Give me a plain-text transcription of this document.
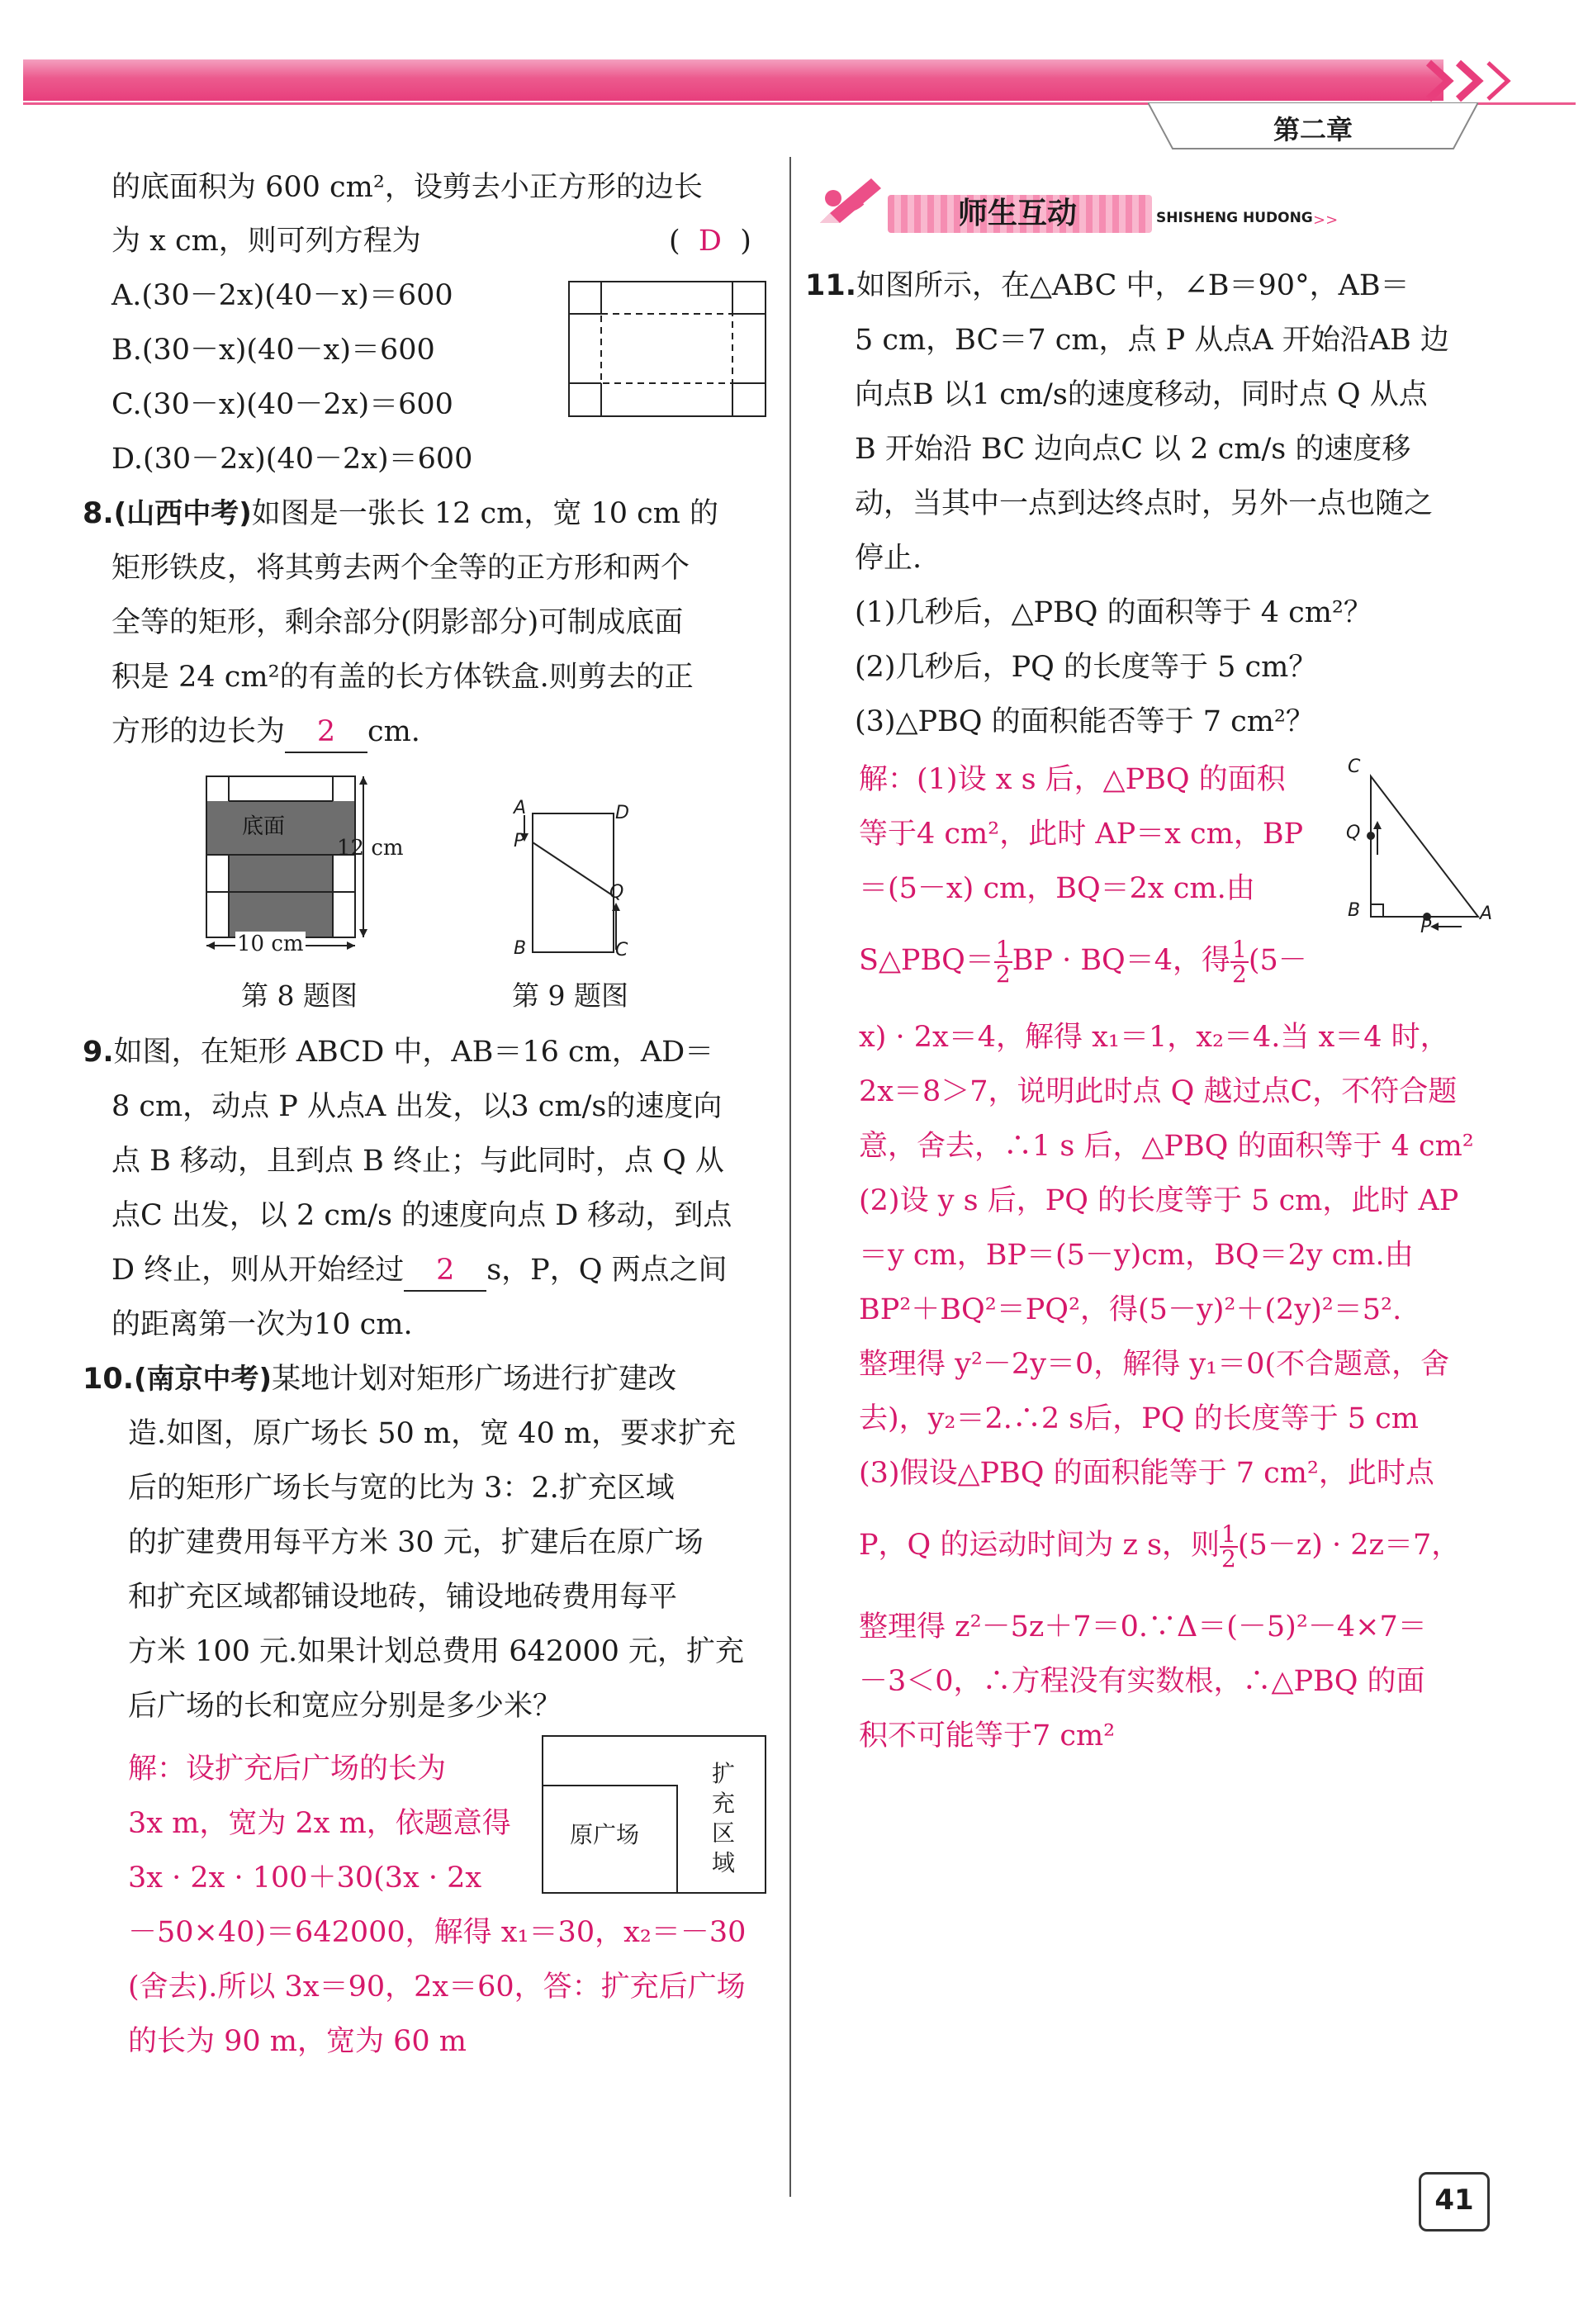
第二章
的底面积为 600 cm²，设剪去小正方形的边长
为 x cm，则可列方程为	(  D  )
A.(30－2x)(40－x)＝600
B.(30－x)(40－x)＝600
C.(30－x)(40－2x)＝600
D.(30－2x)(40－2x)＝600
8.(山西中考)如图是一张长 12 cm，宽 10 cm 的
矩形铁皮，将其剪去两个全等的正方形和两个
全等的矩形，剩余部分(阴影部分)可制成底面
积是 24 cm²的有盖的长方体铁盒.则剪去的正
方形的边长为 2 cm.
底面
12 cm
10 cm
第 8 题图
A
P
B
D
Q
C
第 9 题图
9.如图，在矩形 ABCD 中，AB＝16 cm，AD＝
8 cm，动点 P 从点A 出发，以3 cm/s的速度向
点 B 移动，且到点 B 终止；与此同时，点 Q 从
点C 出发，以 2 cm/s 的速度向点 D 移动，到点
D 终止，则从开始经过 2 s，P，Q 两点之间
的距离第一次为10 cm.
10.(南京中考)某地计划对矩形广场进行扩建改
造.如图，原广场长 50 m，宽 40 m，要求扩充
后的矩形广场长与宽的比为 3：2.扩充区域
的扩建费用每平方米 30 元，扩建后在原广场
和扩充区域都铺设地砖，铺设地砖费用每平
方米 100 元.如果计划总费用 642000 元，扩充
后广场的长和宽应分别是多少米？
解：设扩充后广场的长为
3x m，宽为 2x m，依题意得
3x · 2x · 100＋30(3x · 2x
－50×40)＝642000，解得 x₁＝30，x₂＝－30
(舍去).所以 3x＝90，2x＝60，答：扩充后广场
的长为 90 m，宽为 60 m
原广场
扩充区域
师生互动	SHISHENG HUDONG >>
11.如图所示，在△ABC 中，∠B＝90°，AB＝
5 cm，BC＝7 cm，点 P 从点A 开始沿AB 边
向点B 以1 cm/s的速度移动，同时点 Q 从点
B 开始沿 BC 边向点C 以 2 cm/s 的速度移
动，当其中一点到达终点时，另外一点也随之
停止.
(1)几秒后，△PBQ 的面积等于 4 cm²？
(2)几秒后，PQ 的长度等于 5 cm？
(3)△PBQ 的面积能否等于 7 cm²？
C
Q
B
P
A
解：(1)设 x s 后，△PBQ 的面积
等于4 cm²，此时 AP＝x cm，BP
＝(5－x) cm，BQ＝2x cm.由
S△PBQ＝ $\frac{1}{2}$ BP · BQ＝4，得 $\frac{1}{2} (5-$
x) · 2x＝4，解得 x₁＝1，x₂＝4.当 x＝4 时，
2x＝8＞7，说明此时点 Q 越过点C，不符合题
意，舍去，∴1 s 后，△PBQ 的面积等于 4 cm²
(2)设 y s 后，PQ 的长度等于 5 cm，此时 AP
＝y cm，BP＝(5－y)cm，BQ＝2y cm.由
BP²＋BQ²＝PQ²，得(5－y)²＋(2y)²＝5².
整理得 y²－2y＝0，解得 y₁＝0(不合题意，舍
去)，y₂＝2.∴2 s后，PQ 的长度等于 5 cm
(3)假设△PBQ 的面积能等于 7 cm²，此时点
P，Q 的运动时间为 z s，则 $\frac{1}{2} (5-z) \cdot 2z=7$，
整理得 z²－5z＋7＝0.∵Δ＝(－5)²－4×7＝
－3＜0，∴方程没有实数根，∴△PBQ 的面
积不可能等于7 cm²
41
